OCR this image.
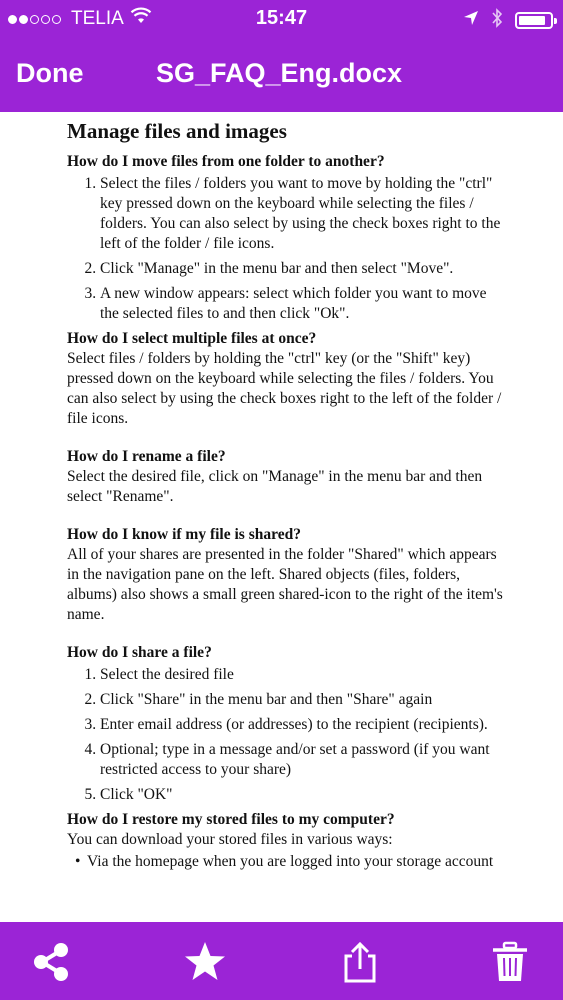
TELIA	15:47
Done	SG_FAQ_Eng.docx
Manage files and images
How do I move files from one folder to another?
1. Select the files / folders you want to move by holding the "ctrl" key pressed down on the keyboard while selecting the files / folders. You can also select by using the check boxes right to the left of the folder / file icons.
2. Click "Manage" in the menu bar and then select "Move".
3. A new window appears: select which folder you want to move the selected files to and then click "Ok".
How do I select multiple files at once?

Select files / folders by holding the "ctrl" key (or the "Shift" key) pressed down on the keyboard while selecting the files / folders. You can also select by using the check boxes right to the left of the folder / file icons.

How do I rename a file?

Select the desired file, click on "Manage" in the menu bar and then select "Rename".

How do I know if my file is shared?

All of your shares are presented in the folder "Shared" which appears in the navigation pane on the left. Shared objects (files, folders, albums) also shows a small green shared-icon to the right of the item's name.

How do I share a file?
1. Select the desired file
2. Click "Share" in the menu bar and then "Share" again
3. Enter email address (or addresses) to the recipient (recipients).
4. Optional; type in a message and/or set a password (if you want restricted access to your share)
5. Click "OK"
How do I restore my stored files to my computer?

You can download your stored files in various ways:

• Via the homepage when you are logged into your storage account
